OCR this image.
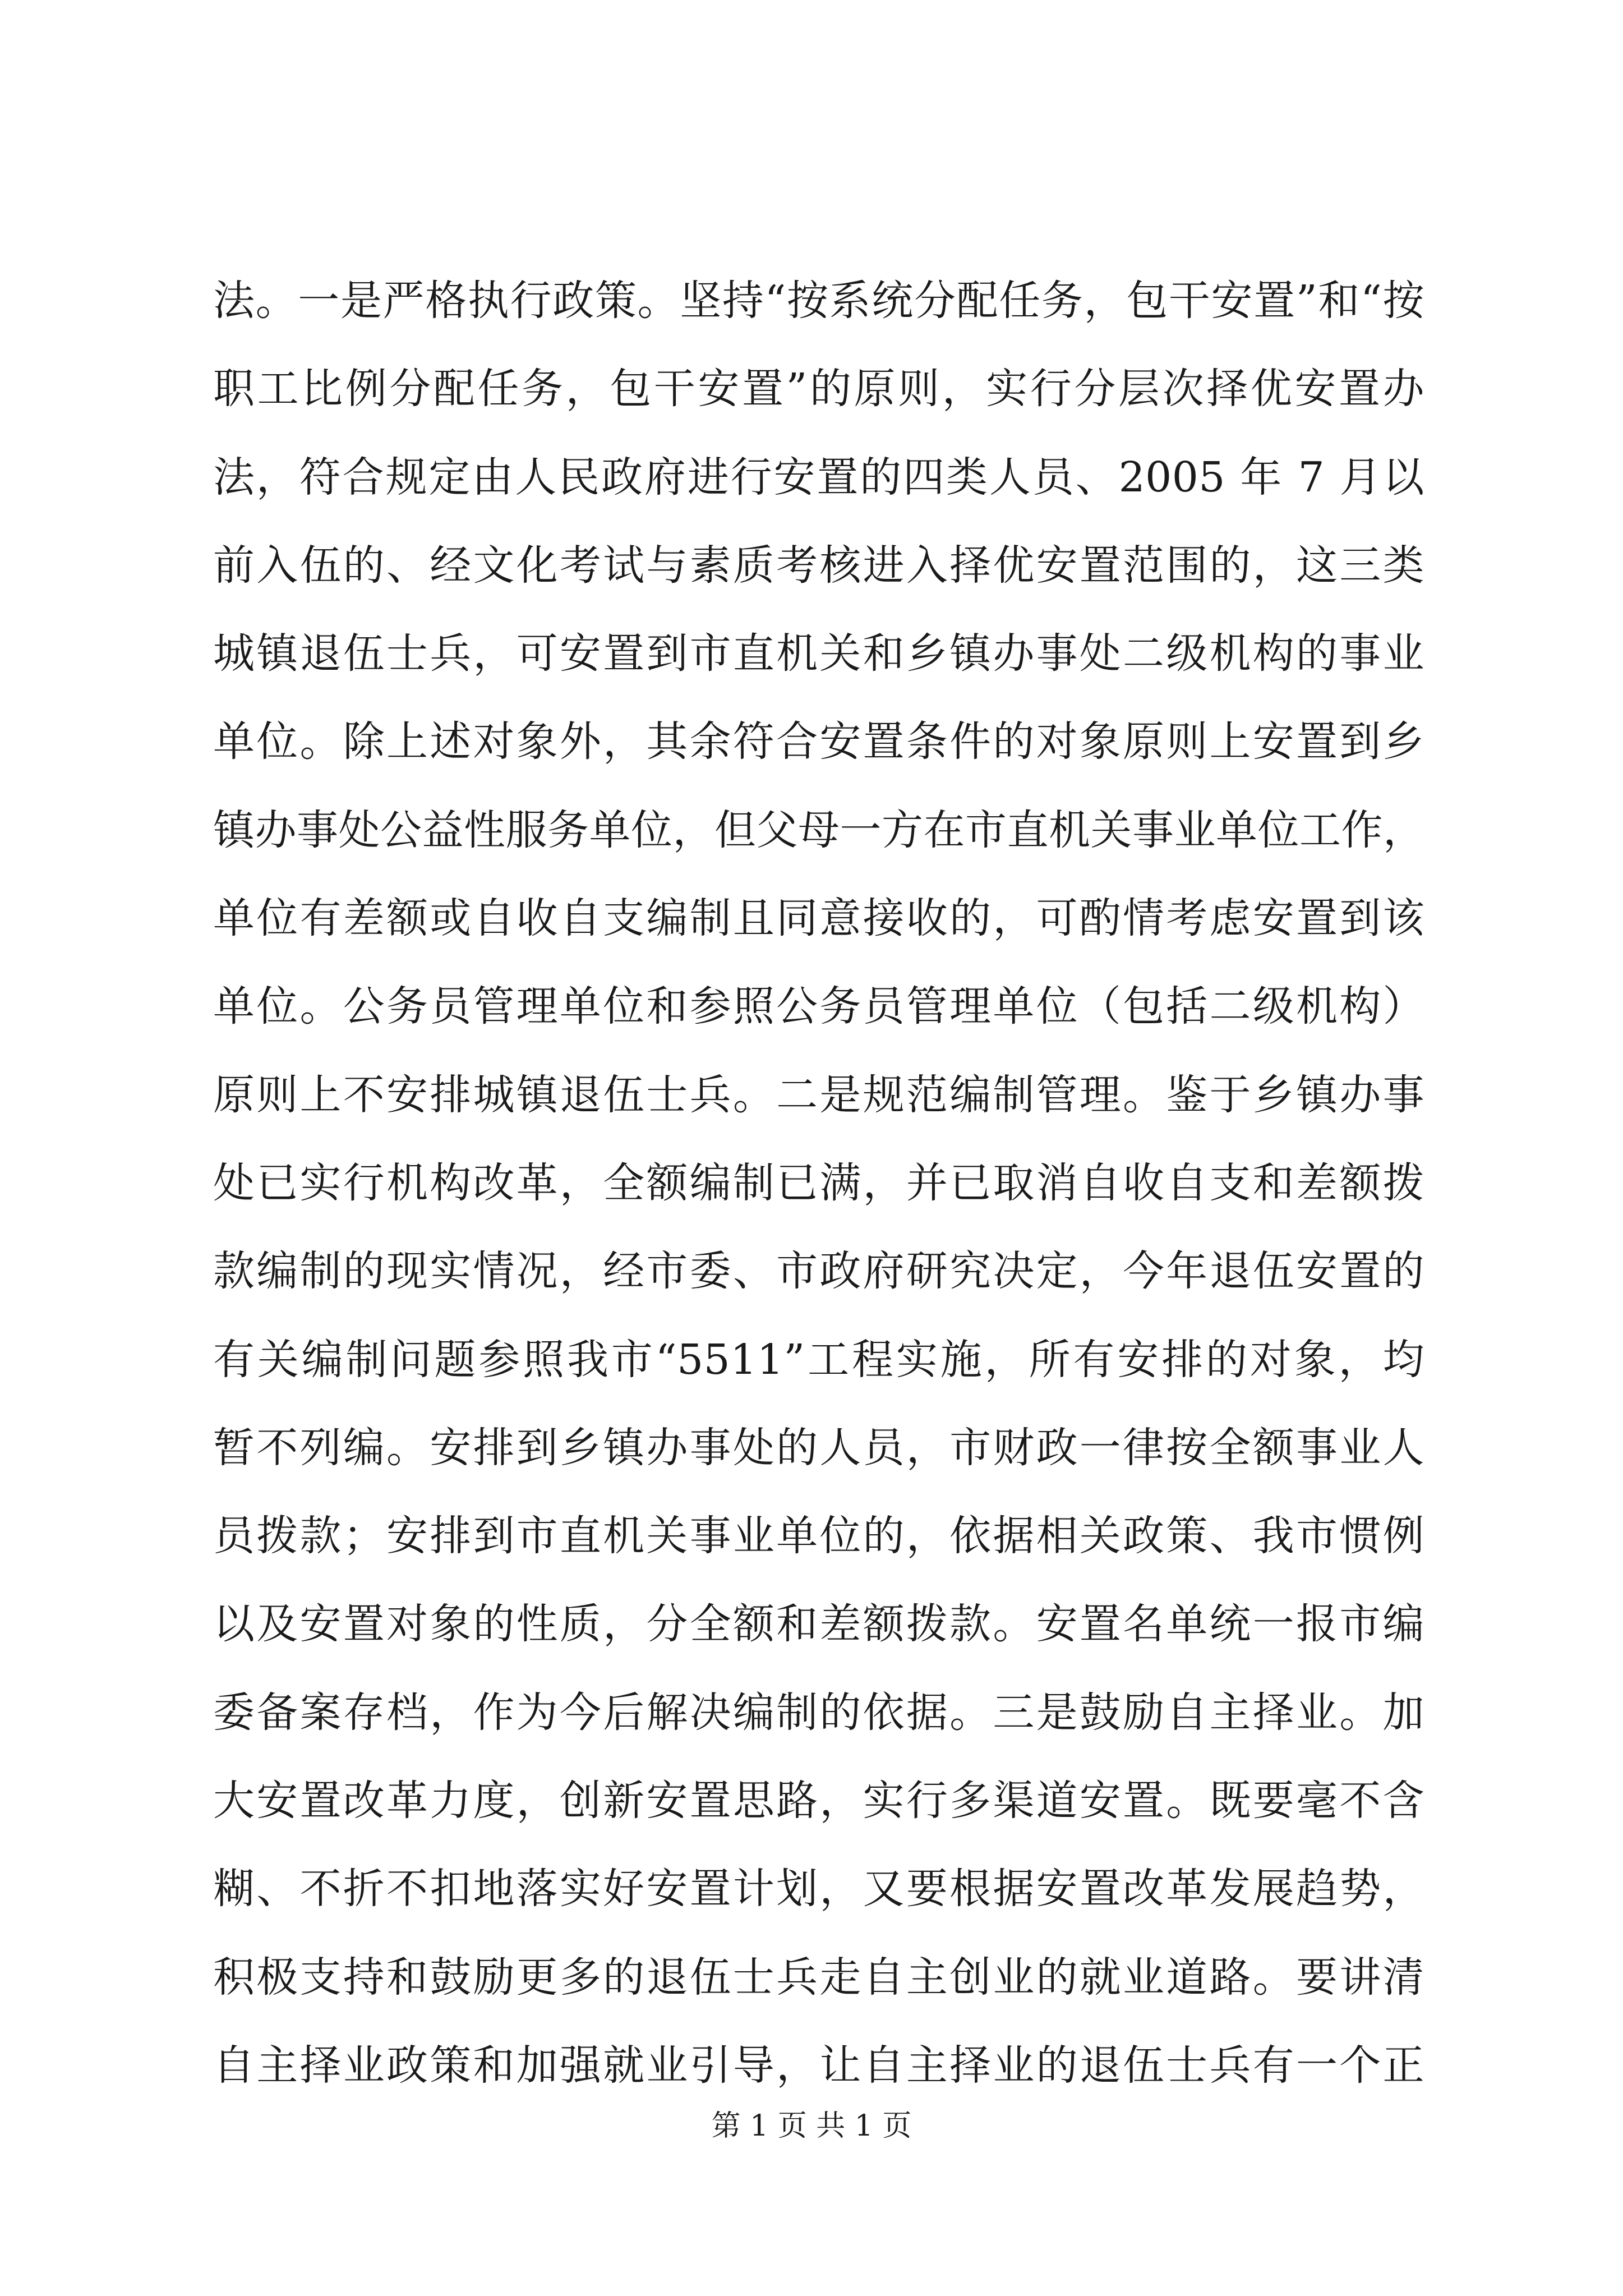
法。一是严格执行政策。坚持“按系统分配任务，包干安置”和“按
职工比例分配任务，包干安置”的原则，实行分层次择优安置办
法，符合规定由人民政府进行安置的四类人员、2005 年 7 月以
前入伍的、经文化考试与素质考核进入择优安置范围的，这三类
城镇退伍士兵，可安置到市直机关和乡镇办事处二级机构的事业
单位。除上述对象外，其余符合安置条件的对象原则上安置到乡
镇办事处公益性服务单位，但父母一方在市直机关事业单位工作，
单位有差额或自收自支编制且同意接收的，可酌情考虑安置到该
单位。公务员管理单位和参照公务员管理单位（包括二级机构）
原则上不安排城镇退伍士兵。二是规范编制管理。鉴于乡镇办事
处已实行机构改革，全额编制已满，并已取消自收自支和差额拨
款编制的现实情况，经市委、市政府研究决定，今年退伍安置的
有关编制问题参照我市“5511”工程实施，所有安排的对象，均
暂不列编。安排到乡镇办事处的人员，市财政一律按全额事业人
员拨款；安排到市直机关事业单位的，依据相关政策、我市惯例
以及安置对象的性质，分全额和差额拨款。安置名单统一报市编
委备案存档，作为今后解决编制的依据。三是鼓励自主择业。加
大安置改革力度，创新安置思路，实行多渠道安置。既要毫不含
糊、不折不扣地落实好安置计划，又要根据安置改革发展趋势，
积极支持和鼓励更多的退伍士兵走自主创业的就业道路。要讲清
自主择业政策和加强就业引导，让自主择业的退伍士兵有一个正
第 1 页 共 1 页
